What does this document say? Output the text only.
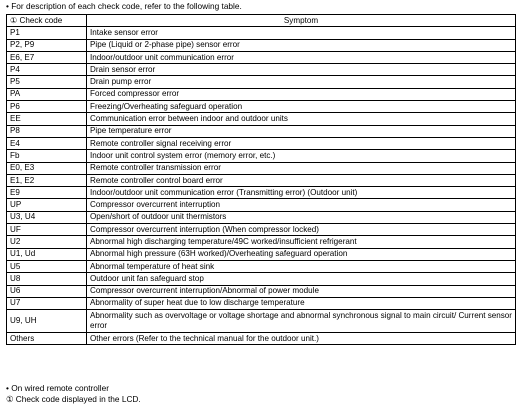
• For description of each check code, refer to the following table.
① Check code	Symptom
P1	Intake sensor error
P2, P9	Pipe (Liquid or 2-phase pipe) sensor error
E6, E7	Indoor/outdoor unit communication error
P4	Drain sensor error
P5	Drain pump error
PA	Forced compressor error
P6	Freezing/Overheating safeguard operation
EE	Communication error between indoor and outdoor units
P8	Pipe temperature error
E4	Remote controller signal receiving error
Fb	Indoor unit control system error (memory error, etc.)
E0, E3	Remote controller transmission error
E1, E2	Remote controller control board error
E9	Indoor/outdoor unit communication error (Transmitting error) (Outdoor unit)
UP	Compressor overcurrent interruption
U3, U4	Open/short of outdoor unit thermistors
UF	Compressor overcurrent interruption (When compressor locked)
U2	Abnormal high discharging temperature/49C worked/insufficient refrigerant
U1, Ud	Abnormal high pressure (63H worked)/Overheating safeguard operation
U5	Abnormal temperature of heat sink
U8	Outdoor unit fan safeguard stop
U6	Compressor overcurrent interruption/Abnormal of power module
U7	Abnormality of super heat due to low discharge temperature
U9, UH	Abnormality such as overvoltage or voltage shortage and abnormal synchronous signal to main circuit/ Current sensor error
Others	Other errors (Refer to the technical manual for the outdoor unit.)
• On wired remote controller
① Check code displayed in the LCD.
